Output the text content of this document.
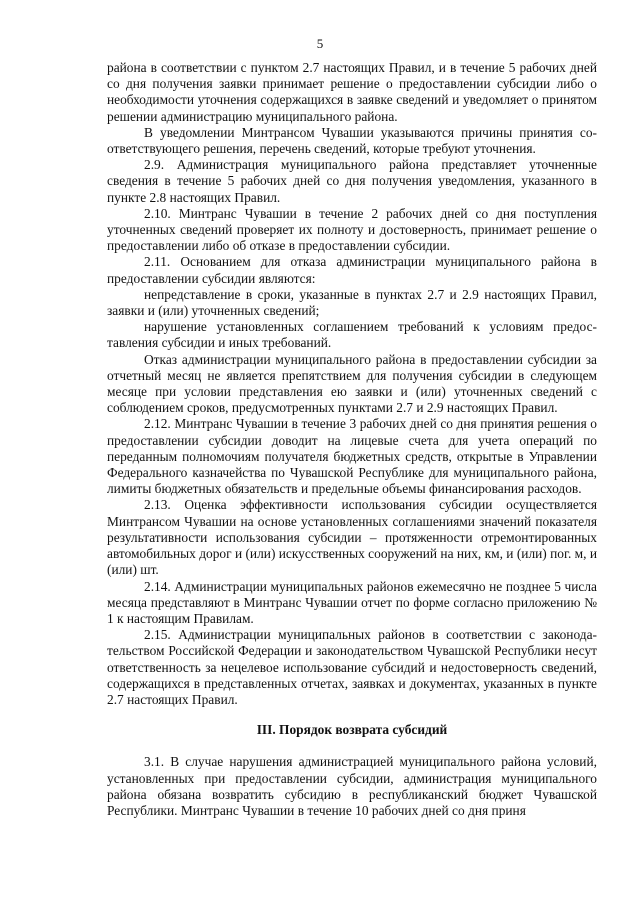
5

района в соответствии с пунктом 2.7 настоящих Правил, и в течение 5 рабочих дней со дня получения заявки принимает решение о предоставлении субсидии либо о необходимости уточнения содержащихся в заявке сведений и уведомляет о принятом решении администрацию муниципального района.

В уведомлении Минтрансом Чувашии указываются причины принятия соответствующего решения, перечень сведений, которые требуют уточнения.

2.9. Администрация муниципального района представляет уточненные сведения в течение 5 рабочих дней со дня получения уведомления, указанного в пункте 2.8 настоящих Правил.

2.10. Минтранс Чувашии в течение 2 рабочих дней со дня поступления уточненных сведений проверяет их полноту и достоверность, принимает решение о предоставлении либо об отказе в предоставлении субсидии.

2.11. Основанием для отказа администрации муниципального района в предоставлении субсидии являются:

непредставление в сроки, указанные в пунктах 2.7 и 2.9 настоящих Правил, заявки и (или) уточненных сведений;

нарушение установленных соглашением требований к условиям предоставления субсидии и иных требований.

Отказ администрации муниципального района в предоставлении субсидии за отчетный месяц не является препятствием для получения субсидии в следующем месяце при условии представления ею заявки и (или) уточненных сведений с соблюдением сроков, предусмотренных пунктами 2.7 и 2.9 настоящих Правил.

2.12. Минтранс Чувашии в течение 3 рабочих дней со дня принятия решения о предоставлении субсидии доводит на лицевые счета для учета операций по переданным полномочиям получателя бюджетных средств, открытые в Управлении Федерального казначейства по Чувашской Республике для муниципального района, лимиты бюджетных обязательств и предельные объемы финансирования расходов.

2.13. Оценка эффективности использования субсидии осуществляется Минтрансом Чувашии на основе установленных соглашениями значений показателя результативности использования субсидии – протяженности отремонтированных автомобильных дорог и (или) искусственных сооружений на них, км, и (или) пог. м, и (или) шт.

2.14. Администрации муниципальных районов ежемесячно не позднее 5 числа месяца представляют в Минтранс Чувашии отчет по форме согласно приложению № 1 к настоящим Правилам.

2.15. Администрации муниципальных районов в соответствии с законодательством Российской Федерации и законодательством Чувашской Республики несут ответственность за нецелевое использование субсидий и недостоверность сведений, содержащихся в представленных отчетах, заявках и документах, указанных в пункте 2.7 настоящих Правил.

III. Порядок возврата субсидий

3.1. В случае нарушения администрацией муниципального района условий, установленных при предоставлении субсидии, администрация муниципального района обязана возвратить субсидию в республиканский бюджет Чувашской Республики. Минтранс Чувашии в течение 10 рабочих дней со дня приня
